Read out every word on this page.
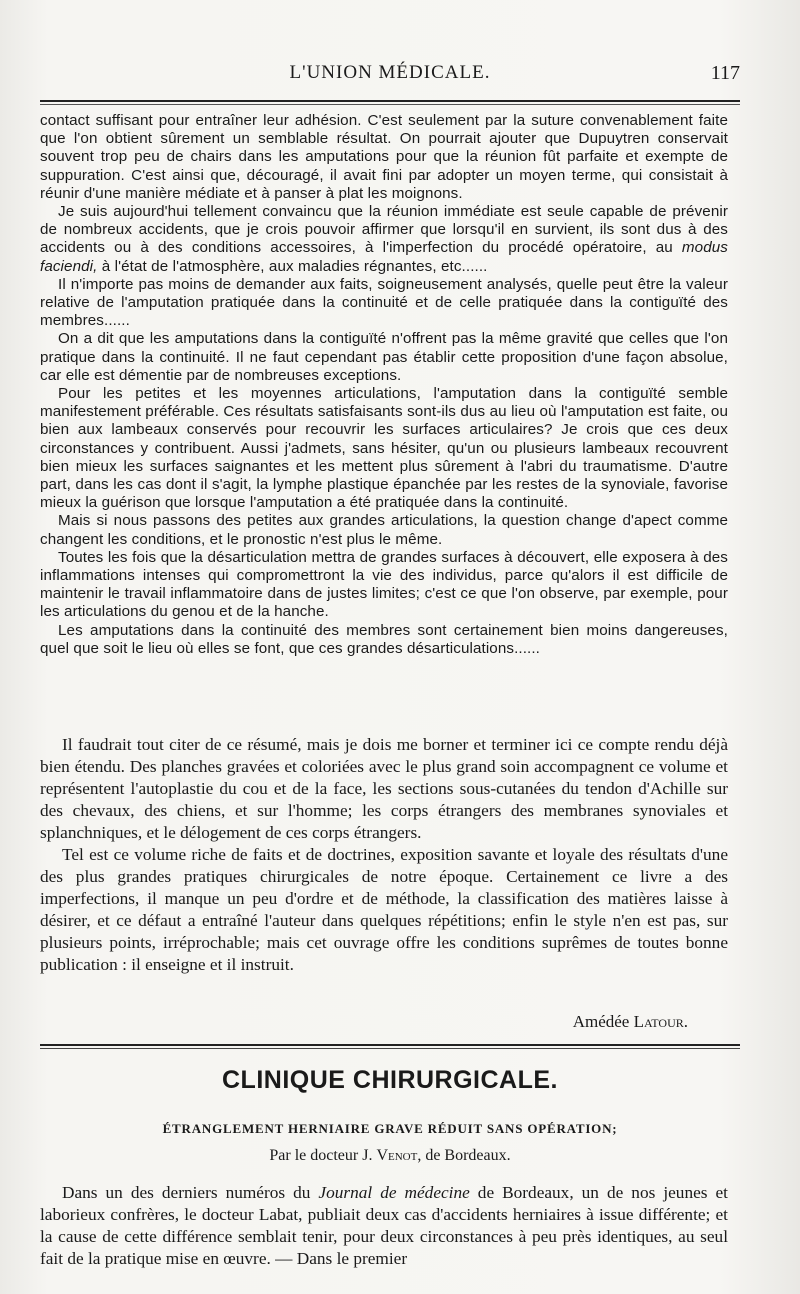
L'UNION MÉDICALE.	117

contact suffisant pour entraîner leur adhésion. C'est seulement par la suture convenablement faite que l'on obtient sûrement un semblable résultat. On pourrait ajouter que Dupuytren conservait souvent trop peu de chairs dans les amputations pour que la réunion fût parfaite et exempte de suppuration. C'est ainsi que, découragé, il avait fini par adopter un moyen terme, qui consistait à réunir d'une manière médiate et à panser à plat les moignons.

Je suis aujourd'hui tellement convaincu que la réunion immédiate est seule capable de prévenir de nombreux accidents, que je crois pouvoir affirmer que lorsqu'il en survient, ils sont dus à des accidents ou à des conditions accessoires, à l'imperfection du procédé opératoire, au modus faciendi, à l'état de l'atmosphère, aux maladies régnantes, etc......

Il n'importe pas moins de demander aux faits, soigneusement analysés, quelle peut être la valeur relative de l'amputation pratiquée dans la continuité et de celle pratiquée dans la contiguïté des membres......

On a dit que les amputations dans la contiguïté n'offrent pas la même gravité que celles que l'on pratique dans la continuité. Il ne faut cependant pas établir cette proposition d'une façon absolue, car elle est démentie par de nombreuses exceptions.

Pour les petites et les moyennes articulations, l'amputation dans la contiguïté semble manifestement préférable. Ces résultats satisfaisants sont-ils dus au lieu où l'amputation est faite, ou bien aux lambeaux conservés pour recouvrir les surfaces articulaires? Je crois que ces deux circonstances y contribuent. Aussi j'admets, sans hésiter, qu'un ou plusieurs lambeaux recouvrent bien mieux les surfaces saignantes et les mettent plus sûrement à l'abri du traumatisme. D'autre part, dans les cas dont il s'agit, la lymphe plastique épanchée par les restes de la synoviale, favorise mieux la guérison que lorsque l'amputation a été pratiquée dans la continuité.

Mais si nous passons des petites aux grandes articulations, la question change d'apect comme changent les conditions, et le pronostic n'est plus le même.

Toutes les fois que la désarticulation mettra de grandes surfaces à découvert, elle exposera à des inflammations intenses qui compromettront la vie des individus, parce qu'alors il est difficile de maintenir le travail inflammatoire dans de justes limites; c'est ce que l'on observe, par exemple, pour les articulations du genou et de la hanche.

Les amputations dans la continuité des membres sont certainement bien moins dangereuses, quel que soit le lieu où elles se font, que ces grandes désarticulations......

Il faudrait tout citer de ce résumé, mais je dois me borner et terminer ici ce compte rendu déjà bien étendu. Des planches gravées et coloriées avec le plus grand soin accompagnent ce volume et représentent l'autoplastie du cou et de la face, les sections sous-cutanées du tendon d'Achille sur des chevaux, des chiens, et sur l'homme; les corps étrangers des membranes synoviales et splanchniques, et le délogement de ces corps étrangers.

Tel est ce volume riche de faits et de doctrines, exposition savante et loyale des résultats d'une des plus grandes pratiques chirurgicales de notre époque. Certainement ce livre a des imperfections, il manque un peu d'ordre et de méthode, la classification des matières laisse à désirer, et ce défaut a entraîné l'auteur dans quelques répétitions; enfin le style n'en est pas, sur plusieurs points, irréprochable; mais cet ouvrage offre les conditions suprêmes de toutes bonne publication : il enseigne et il instruit.

Amédée Latour.
CLINIQUE CHIRURGICALE.
ÉTRANGLEMENT HERNIAIRE GRAVE RÉDUIT SANS OPÉRATION;
Par le docteur J. Venot, de Bordeaux.

Dans un des derniers numéros du Journal de médecine de Bordeaux, un de nos jeunes et laborieux confrères, le docteur Labat, publiait deux cas d'accidents herniaires à issue différente; et la cause de cette différence semblait tenir, pour deux circonstances à peu près identiques, au seul fait de la pratique mise en œuvre. — Dans le premier
